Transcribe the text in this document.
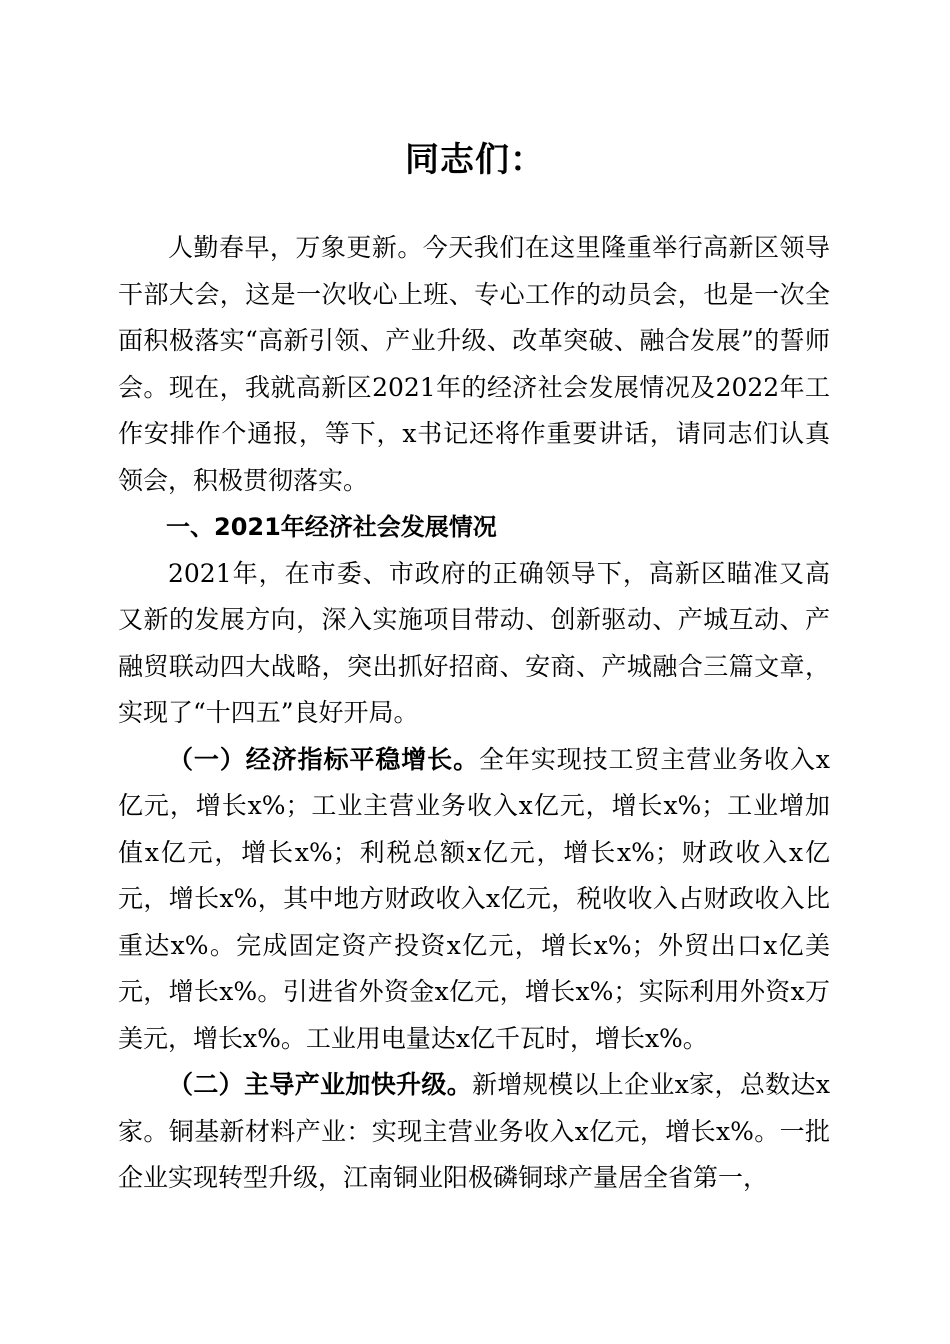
同志们：

人勤春早，万象更新。今天我们在这里隆重举行高新区领导干部大会，这是一次收心上班、专心工作的动员会，也是一次全面积极落实“高新引领、产业升级、改革突破、融合发展”的誓师会。现在，我就高新区2021年的经济社会发展情况及2022年工作安排作个通报，等下，x书记还将作重要讲话，请同志们认真领会，积极贯彻落实。

一、2021年经济社会发展情况

2021年，在市委、市政府的正确领导下，高新区瞄准又高又新的发展方向，深入实施项目带动、创新驱动、产城互动、产融贸联动四大战略，突出抓好招商、安商、产城融合三篇文章，实现了“十四五”良好开局。

（一）经济指标平稳增长。全年实现技工贸主营业务收入x亿元，增长x%；工业主营业务收入x亿元，增长x%；工业增加值x亿元，增长x%；利税总额x亿元，增长x%；财政收入x亿元，增长x%，其中地方财政收入x亿元，税收收入占财政收入比重达x%。完成固定资产投资x亿元，增长x%；外贸出口x亿美元，增长x%。引进省外资金x亿元，增长x%；实际利用外资x万美元，增长x%。工业用电量达x亿千瓦时，增长x%。

（二）主导产业加快升级。新增规模以上企业x家，总数达x家。铜基新材料产业：实现主营业务收入x亿元，增长x%。一批企业实现转型升级，江南铜业阳极磷铜球产量居全省第一，
